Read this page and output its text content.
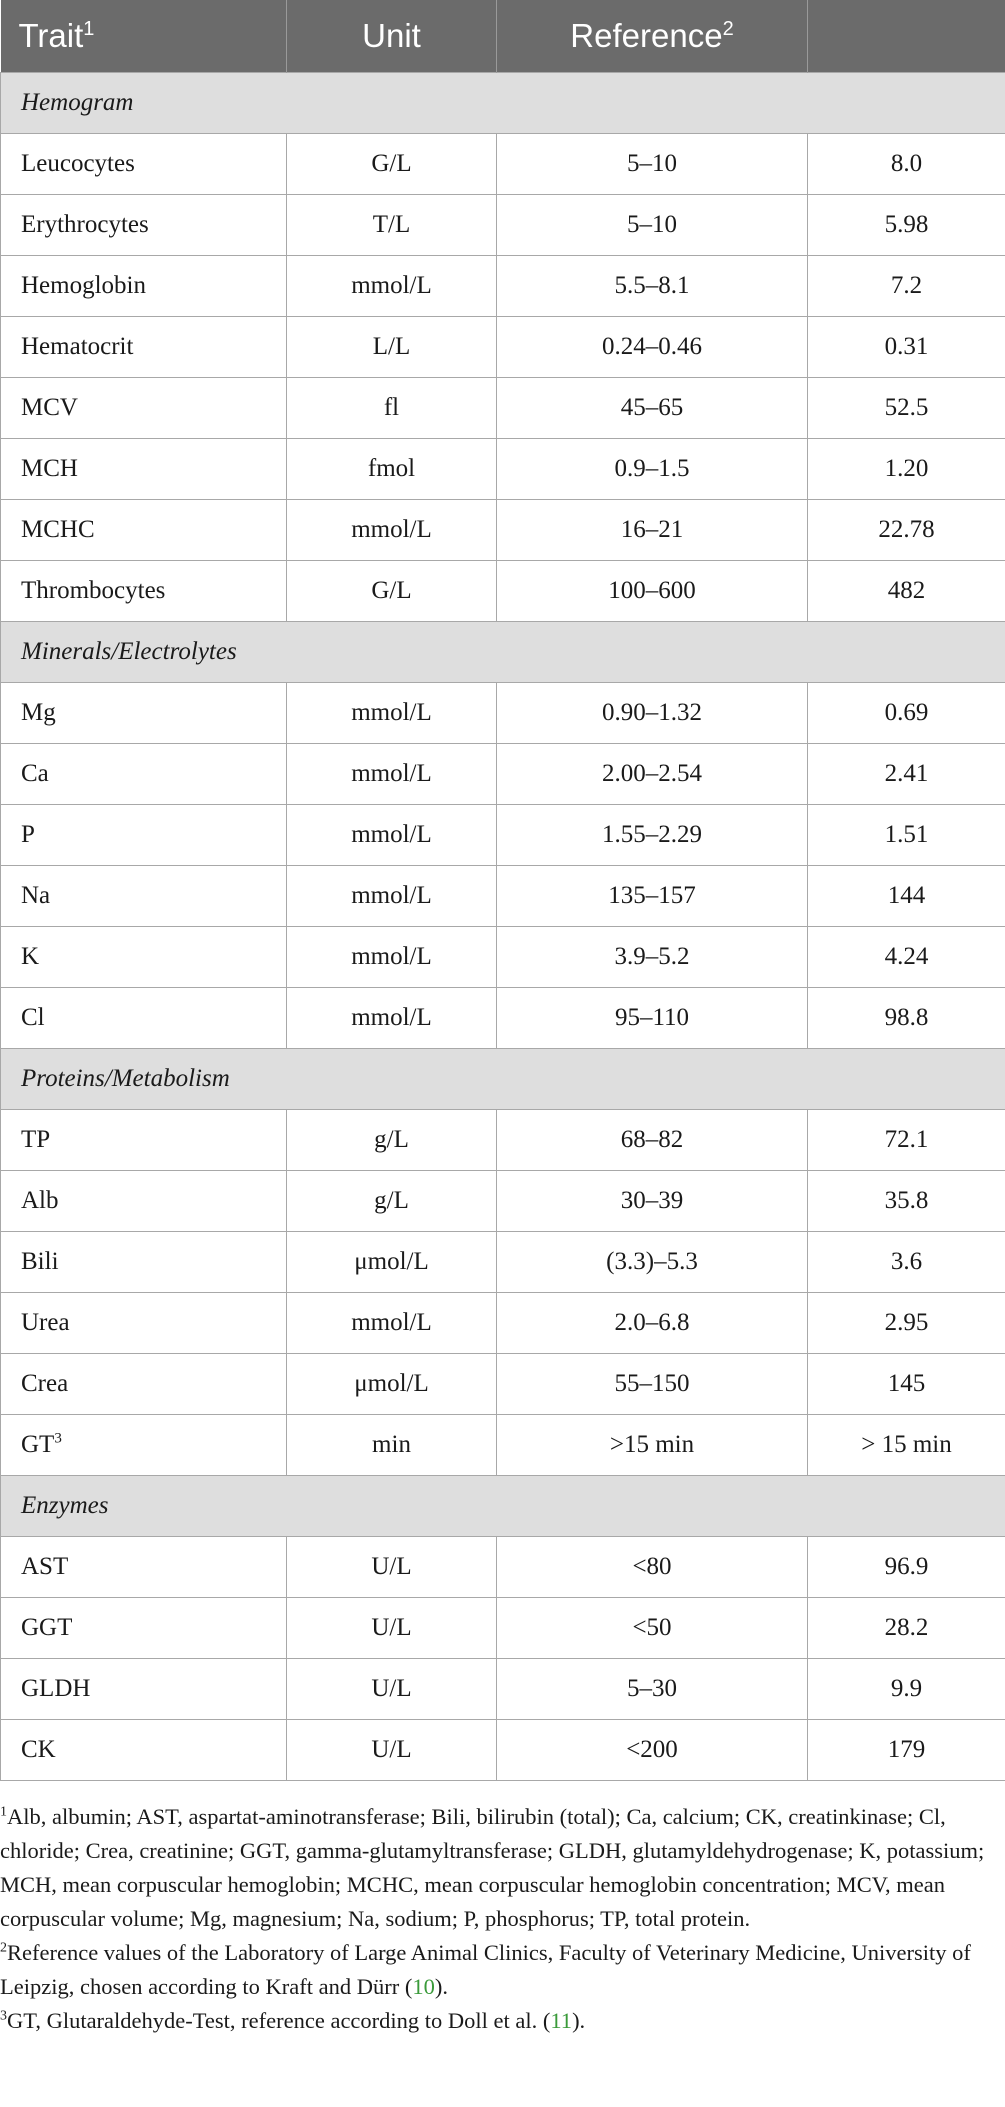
Trait$^1$	Unit	Reference$^2$	
Hemogram			
Leucocytes	G/L	5–10	8.0
Erythrocytes	T/L	5–10	5.98
Hemoglobin	mmol/L	5.5–8.1	7.2
Hematocrit	L/L	0.24–0.46	0.31
MCV	fl	45–65	52.5
MCH	fmol	0.9–1.5	1.20
MCHC	mmol/L	16–21	22.78
Thrombocytes	G/L	100–600	482
Minerals/Electrolytes			
Mg	mmol/L	0.90–1.32	0.69
Ca	mmol/L	2.00–2.54	2.41
P	mmol/L	1.55–2.29	1.51
Na	mmol/L	135–157	144
K	mmol/L	3.9–5.2	4.24
Cl	mmol/L	95–110	98.8
Proteins/Metabolism			
TP	g/L	68–82	72.1
Alb	g/L	30–39	35.8
Bili	μmol/L	(3.3)–5.3	3.6
Urea	mmol/L	2.0–6.8	2.95
Crea	μmol/L	55–150	145
$GT^3$	min	>15 min	> 15 min
Enzymes			
AST	U/L	<80	96.9
GGT	U/L	<50	28.2
GLDH	U/L	5–30	9.9
CK	U/L	<200	179

$^1$Alb, albumin; AST, aspartat-aminotransferase; Bili, bilirubin (total); Ca, calcium; CK, creatinkinase; Cl, chloride; Crea, creatinine; GGT, gamma-glutamyltransferase; GLDH, glutamyldehydrogenase; K, potassium; MCH, mean corpuscular hemoglobin; MCHC, mean corpuscular hemoglobin concentration; MCV, mean corpuscular volume; Mg, magnesium; Na, sodium; P, phosphorus; TP, total protein.

$^2$Reference values of the Laboratory of Large Animal Clinics, Faculty of Veterinary Medicine, University of Leipzig, chosen according to Kraft and Dürr (10).

$^3$GT, Glutaraldehyde-Test, reference according to Doll et al. (11).
